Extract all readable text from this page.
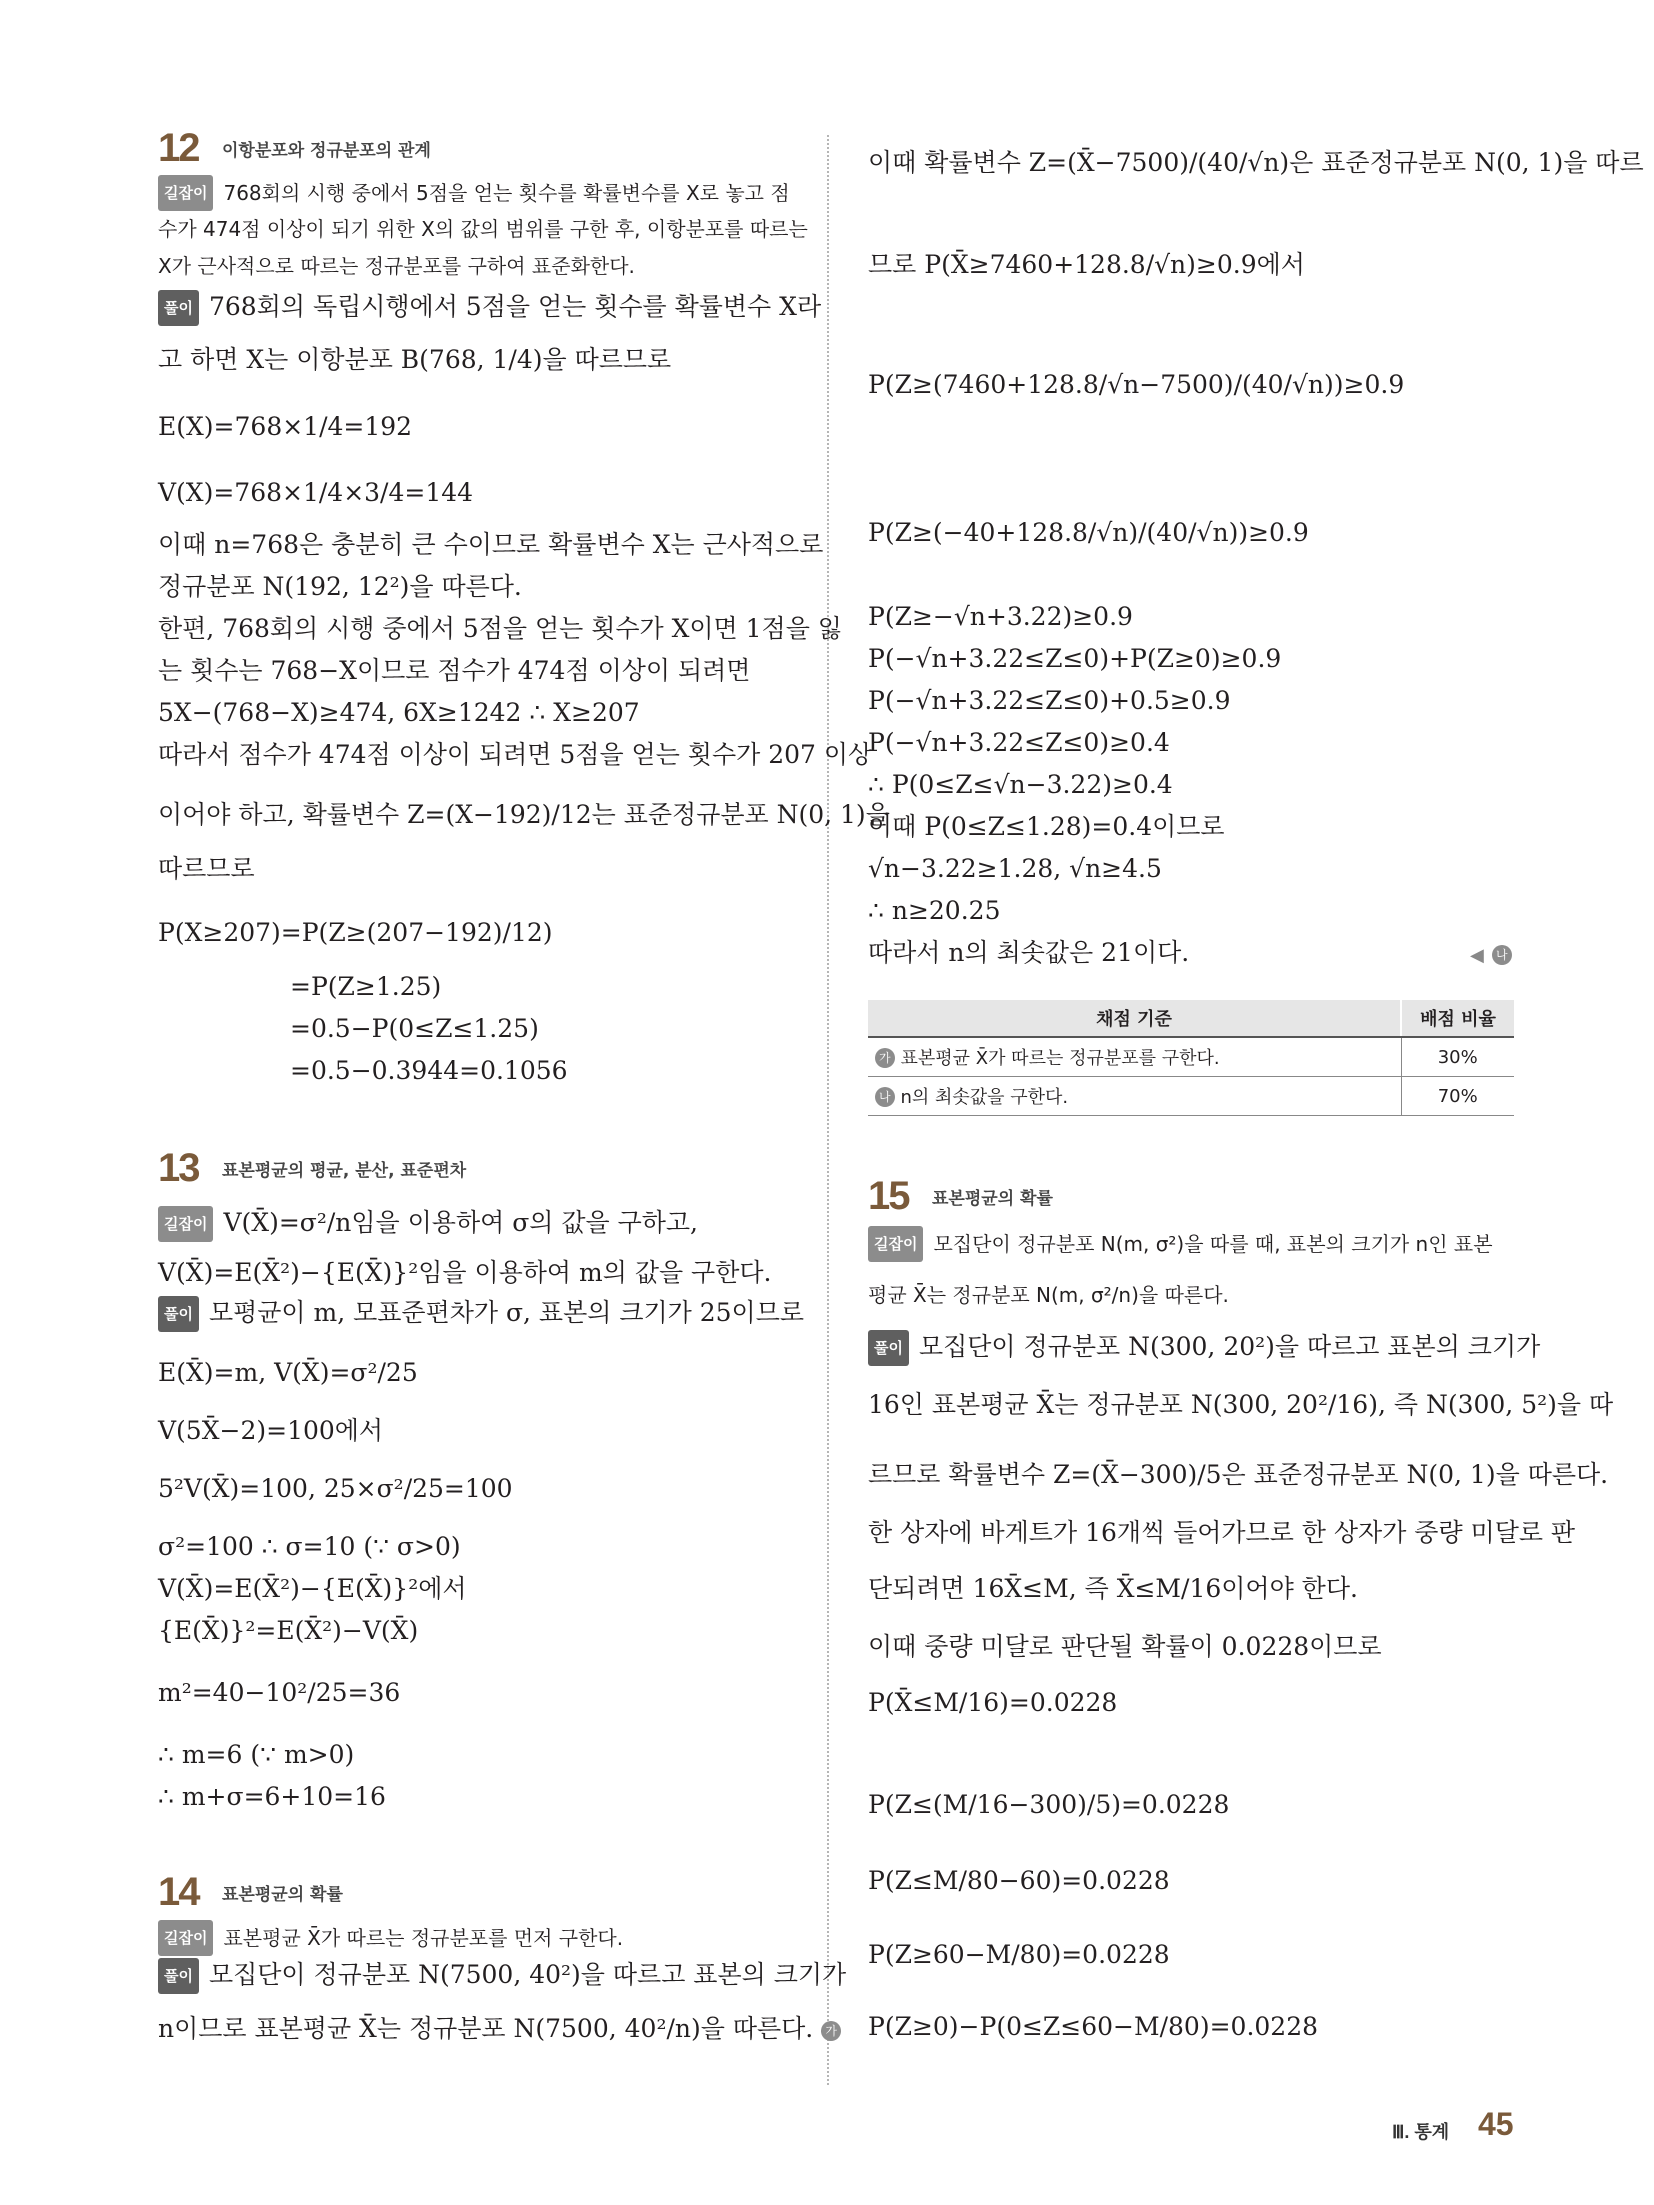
12 이항분포와 정규분포의 관계
길잡이 768회의 시행 중에서 5점을 얻는 횟수를 확률변수를 X로 놓고 점
수가 474점 이상이 되기 위한 X의 값의 범위를 구한 후, 이항분포를 따르는
X가 근사적으로 따르는 정규분포를 구하여 표준화한다.
풀이 768회의 독립시행에서 5점을 얻는 횟수를 확률변수 X라
고 하면 X는 이항분포 B(768, 1/4)을 따르므로
E(X)=768×1/4=192
V(X)=768×1/4×3/4=144
이때 n=768은 충분히 큰 수이므로 확률변수 X는 근사적으로
정규분포 N(192, 12²)을 따른다.
한편, 768회의 시행 중에서 5점을 얻는 횟수가 X이면 1점을 잃
는 횟수는 768−X이므로 점수가 474점 이상이 되려면
5X−(768−X)≥474, 6X≥1242 ∴ X≥207
따라서 점수가 474점 이상이 되려면 5점을 얻는 횟수가 207 이상
이어야 하고, 확률변수 Z=(X−192)/12는 표준정규분포 N(0, 1)을
따르므로
P(X≥207)=P(Z≥(207−192)/12)
=P(Z≥1.25)
=0.5−P(0≤Z≤1.25)
=0.5−0.3944=0.1056
13 표본평균의 평균, 분산, 표준편차
길잡이 V(X̄)=σ²/n임을 이용하여 σ의 값을 구하고,
V(X̄)=E(X̄²)−{E(X̄)}²임을 이용하여 m의 값을 구한다.
풀이 모평균이 m, 모표준편차가 σ, 표본의 크기가 25이므로
E(X̄)=m, V(X̄)=σ²/25
V(5X̄−2)=100에서
5²V(X̄)=100, 25×σ²/25=100
σ²=100 ∴ σ=10 (∵ σ>0)
V(X̄)=E(X̄²)−{E(X̄)}²에서
{E(X̄)}²=E(X̄²)−V(X̄)
m²=40−10²/25=36
∴ m=6 (∵ m>0)
∴ m+σ=6+10=16
14 표본평균의 확률
길잡이 표본평균 X̄가 따르는 정규분포를 먼저 구한다.
풀이 모집단이 정규분포 N(7500, 40²)을 따르고 표본의 크기가
n이므로 표본평균 X̄는 정규분포 N(7500, 40²/n)을 따른다. 가
이때 확률변수 Z=(X̄−7500)/(40/√n)은 표준정규분포 N(0, 1)을 따르
므로 P(X̄≥7460+128.8/√n)≥0.9에서
P(Z≥(7460+128.8/√n−7500)/(40/√n))≥0.9
P(Z≥(−40+128.8/√n)/(40/√n))≥0.9
P(Z≥−√n+3.22)≥0.9
P(−√n+3.22≤Z≤0)+P(Z≥0)≥0.9
P(−√n+3.22≤Z≤0)+0.5≥0.9
P(−√n+3.22≤Z≤0)≥0.4
∴ P(0≤Z≤√n−3.22)≥0.4
이때 P(0≤Z≤1.28)=0.4이므로
√n−3.22≥1.28, √n≥4.5
∴ n≥20.25
따라서 n의 최솟값은 21이다.	◀ 나
채점 기준	배점 비율
가 표본평균 X̄가 따르는 정규분포를 구한다.	30%
나 n의 최솟값을 구한다.	70%
15 표본평균의 확률
길잡이 모집단이 정규분포 N(m, σ²)을 따를 때, 표본의 크기가 n인 표본
평균 X̄는 정규분포 N(m, σ²/n)을 따른다.
풀이 모집단이 정규분포 N(300, 20²)을 따르고 표본의 크기가
16인 표본평균 X̄는 정규분포 N(300, 20²/16), 즉 N(300, 5²)을 따
르므로 확률변수 Z=(X̄−300)/5은 표준정규분포 N(0, 1)을 따른다.
한 상자에 바게트가 16개씩 들어가므로 한 상자가 중량 미달로 판
단되려면 16X̄≤M, 즉 X̄≤M/16이어야 한다.
이때 중량 미달로 판단될 확률이 0.0228이므로
P(X̄≤M/16)=0.0228
P(Z≤(M/16−300)/5)=0.0228
P(Z≤M/80−60)=0.0228
P(Z≥60−M/80)=0.0228
P(Z≥0)−P(0≤Z≤60−M/80)=0.0228
Ⅲ. 통계 45
